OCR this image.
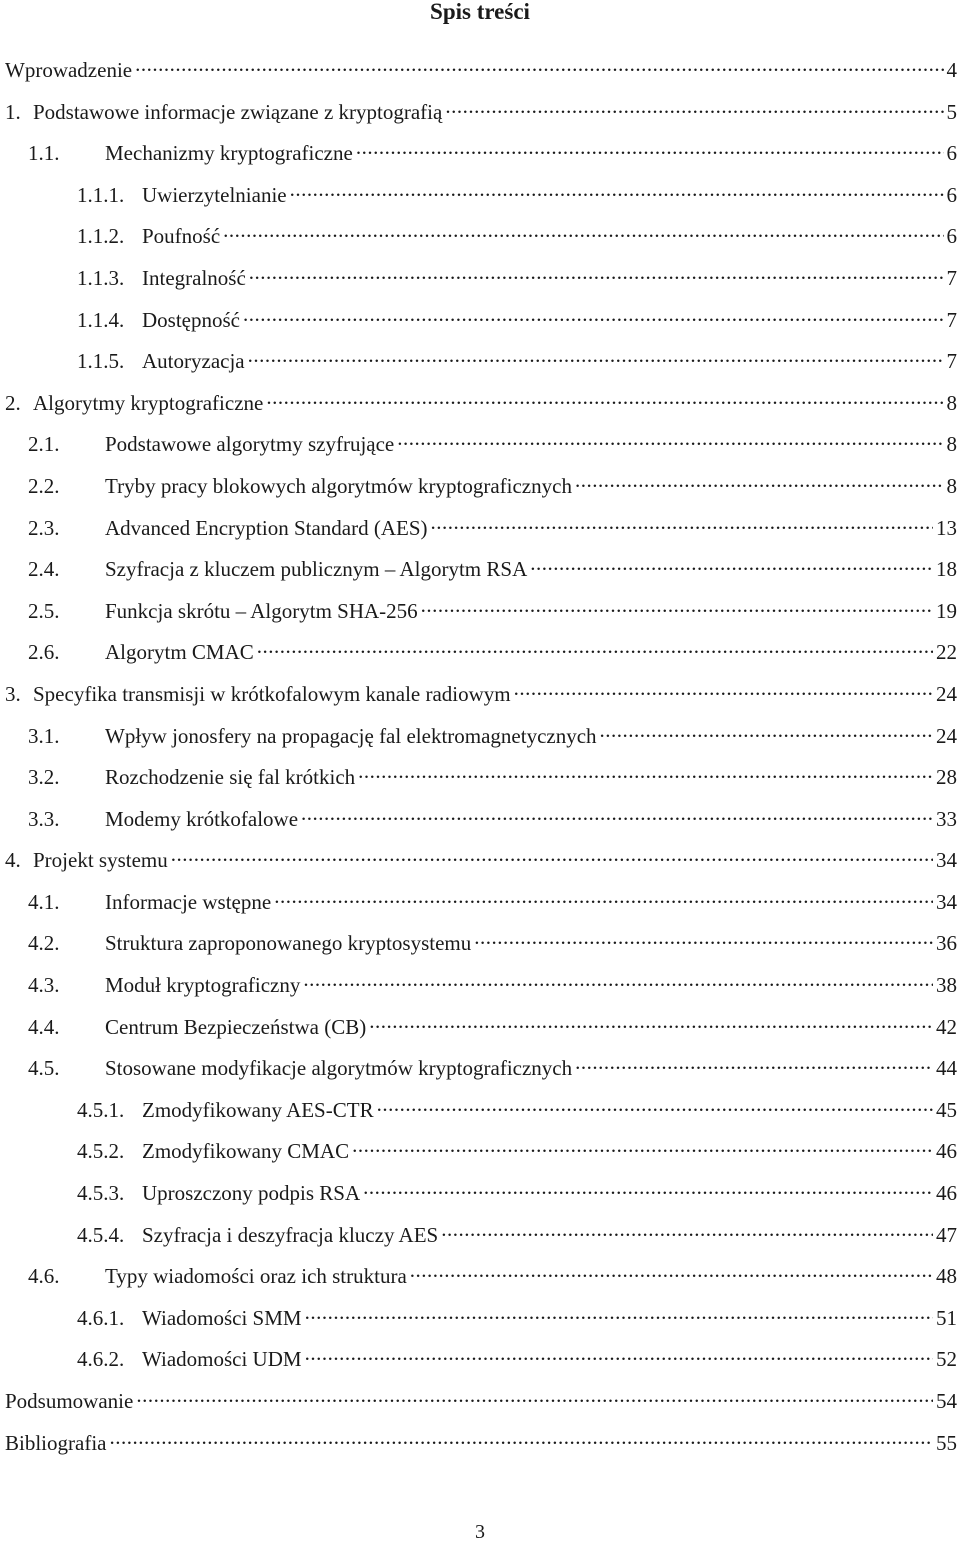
Spis treści
Wprowadzenie .....	4
1. Podstawowe informacje związane z kryptografią .....	5
1.1.	Mechanizmy kryptograficzne .....	6
1.1.1. Uwierzytelnianie .....	6
1.1.2. Poufność .....	6
1.1.3. Integralność .....	7
1.1.4. Dostępność .....	7
1.1.5. Autoryzacja .....	7
2. Algorytmy kryptograficzne .....	8
2.1.	Podstawowe algorytmy szyfrujące .....	8
2.2.	Tryby pracy blokowych algorytmów kryptograficznych .....	8
2.3.	Advanced Encryption Standard (AES) .....	13
2.4.	Szyfracja z kluczem publicznym – Algorytm RSA .....	18
2.5.	Funkcja skrótu – Algorytm SHA-256 .....	19
2.6.	Algorytm CMAC .....	22
3. Specyfika transmisji w krótkofalowym kanale radiowym .....	24
3.1.	Wpływ jonosfery na propagację fal elektromagnetycznych .....	24
3.2.	Rozchodzenie się fal krótkich .....	28
3.3.	Modemy krótkofalowe .....	33
4. Projekt systemu .....	34
4.1.	Informacje wstępne .....	34
4.2.	Struktura zaproponowanego kryptosystemu .....	36
4.3.	Moduł kryptograficzny .....	38
4.4.	Centrum Bezpieczeństwa (CB) .....	42
4.5.	Stosowane modyfikacje algorytmów kryptograficznych .....	44
4.5.1. Zmodyfikowany AES-CTR .....	45
4.5.2. Zmodyfikowany CMAC .....	46
4.5.3. Uproszczony podpis RSA .....	46
4.5.4. Szyfracja i deszyfracja kluczy AES .....	47
4.6.	Typy wiadomości oraz ich struktura .....	48
4.6.1. Wiadomości SMM .....	51
4.6.2. Wiadomości UDM .....	52
Podsumowanie .....	54
Bibliografia .....	55
3
